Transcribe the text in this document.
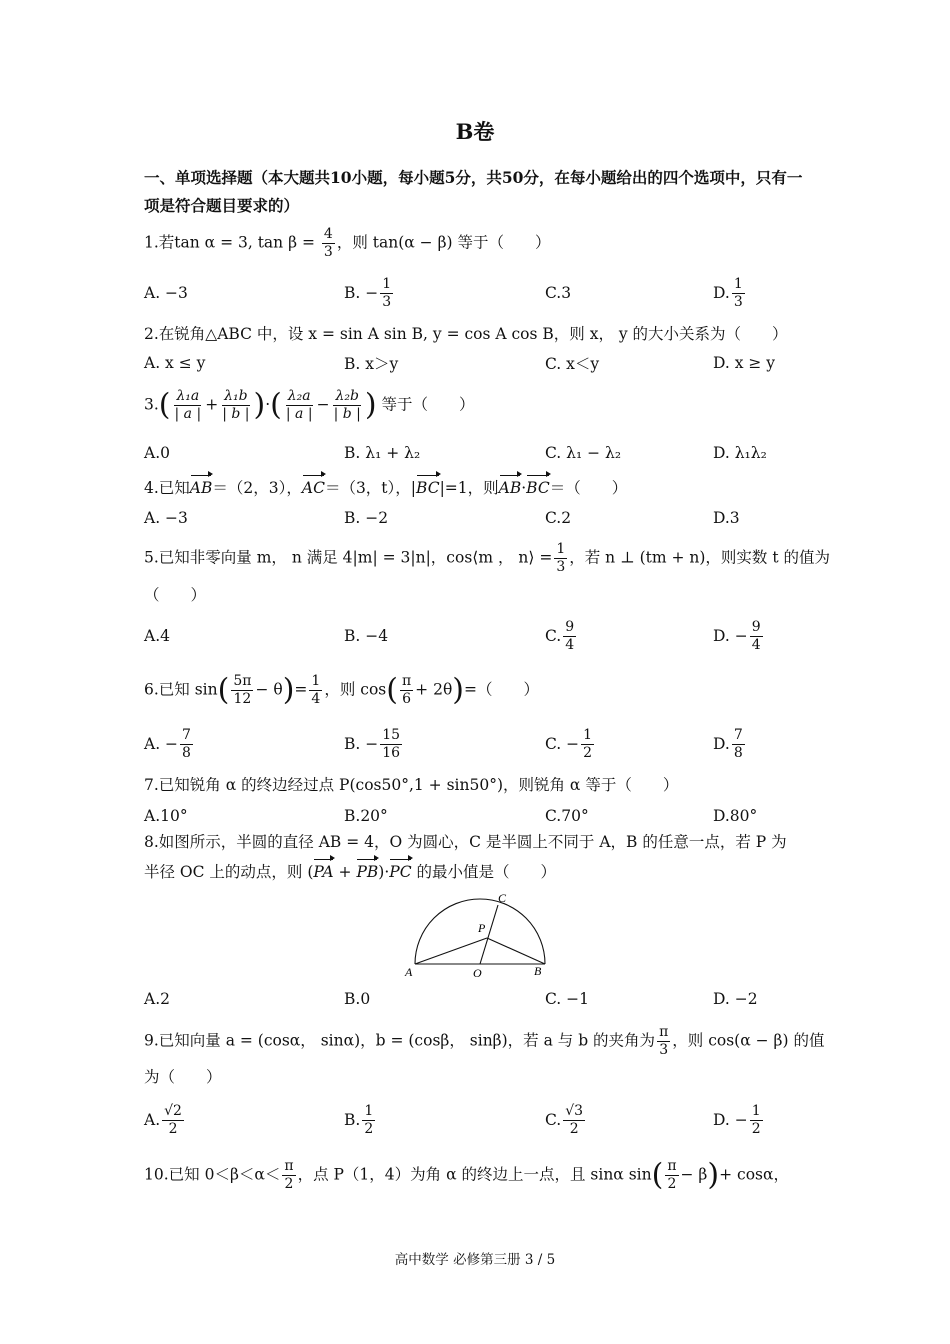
B卷
一、单项选择题（本大题共10小题，每小题5分，共50分，在每小题给出的四个选项中，只有一项是符合题目要求的）
1.若tan α = 3, $\tan \beta = \frac{4}{3}$ ，则 tan(α − β) 等于（　　）
A. −3	B. − $\frac{1}{3}$	C.3	D. $\frac{1}{3}$
2.在锐角△ABC 中，设 x = sin A sin B, y = cos A cos B，则 x， y 的大小关系为（　　）
A. x ≤ y	B. x＞y	C. x＜y	D. x ≥ y
$3.( \frac{\text{λ₁a}}{| a |} + \frac{\text{λ₁b}}{| b |}$ )·( $\frac{\text{λ₂a}}{| a |} - \frac{\text{λ₂b}}{| b |}$ ) 等于（　　）
A.0	B. λ₁ + λ₂	C. λ₁ − λ₂	D. λ₁λ₂
4.已知AB＝（2，3），AC＝（3，t），|BC|=1，则AB·BC＝（　　）
A. −3	B. −2	C.2	D.3
5.已知非零向量 m， n 满足 4|m| = 3|n|，cos⟨m ， n⟩ = $\frac{1}{3}$ ，若 n ⊥ (tm + n)，则实数 t 的值为
（　　）
A.4	B. −4	C. $\frac{9}{4}$	D. − $\frac{9}{4}$
6.已知 $\sin( \frac{5\pi}{12} - \theta)= \frac{1}{4}$ ，则 $\cos( \frac{\pi}{6} + 2\theta)=$（　　）
A. − $\frac{7}{8}$	B. − $\frac{15}{16}$	C. − $\frac{1}{2}$	D. $\frac{7}{8}$
7.已知锐角 α 的终边经过点 P(cos50°,1 + sin50°)，则锐角 α 等于（　　）
A.10°	B.20°	C.70°	D.80°
8.如图所示，半圆的直径 AB = 4，O 为圆心，C 是半圆上不同于 A，B 的任意一点，若 P 为
半径 OC 上的动点，则 (PA + PB)·PC 的最小值是（　　）
A	O	B
C
P
A.2	B.0	C. −1	D. −2
9.已知向量 a = (cosα， sinα)，b = (cosβ， sinβ)，若 a 与 b 的夹角为 $\frac{\pi}{3}$ ，则 cos(α − β) 的值
为（　　）
A. $\frac{√2}{2}$	B. $\frac{1}{2}$	C. $\frac{√3}{2}$	D. − $\frac{1}{2}$
10.已知 $0<\beta<\alpha< \frac{\pi}{2}$ ，点 P（1，4）为角 α 的终边上一点，且 sinα $\sin( \frac{\pi}{2} - \beta)+ \cos\alpha$，
高中数学 必修第三册 3 / 5
